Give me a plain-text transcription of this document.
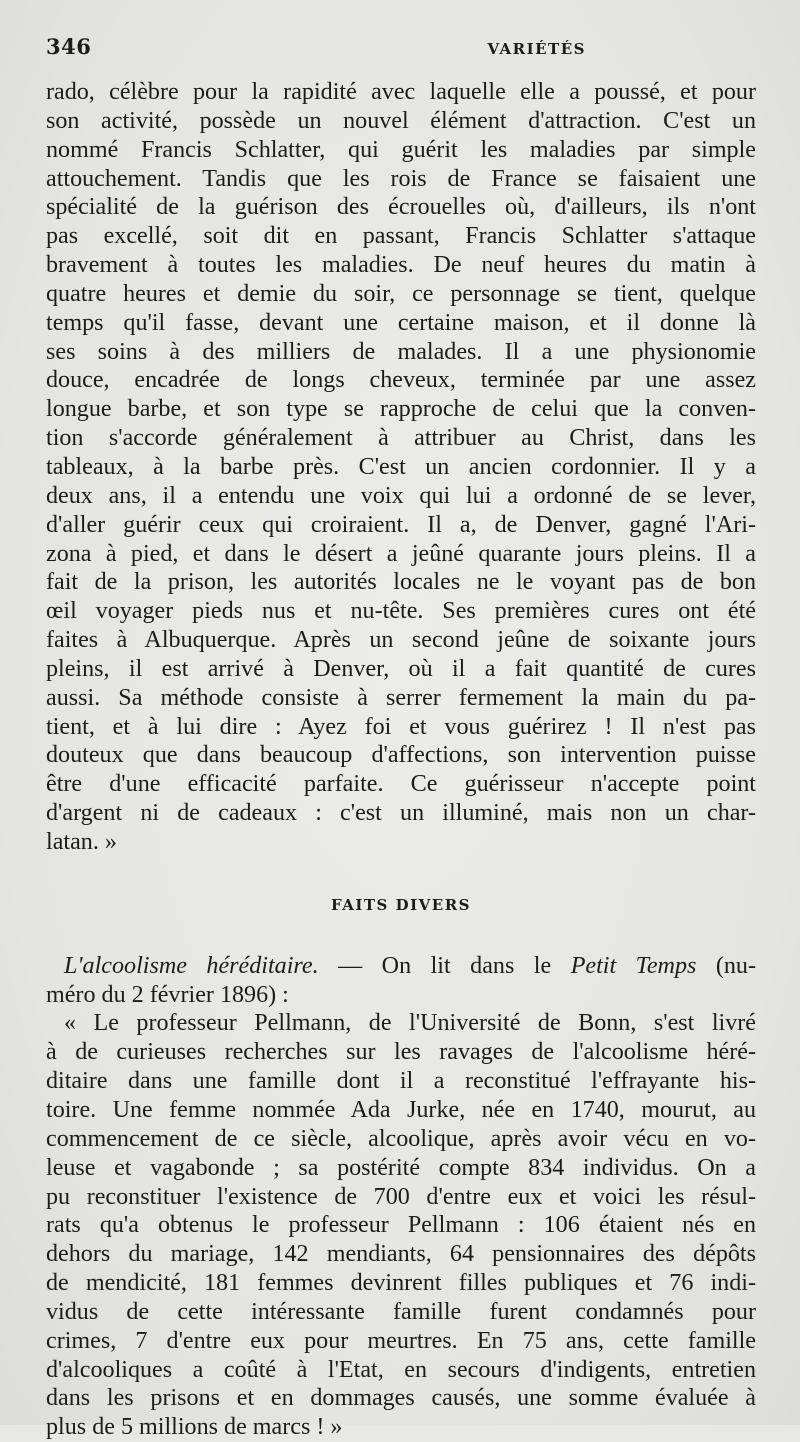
346	VARIÉTÉS
rado, célèbre pour la rapidité avec laquelle elle a poussé, et pour
son activité, possède un nouvel élément d'attraction. C'est un
nommé Francis Schlatter, qui guérit les maladies par simple
attouchement. Tandis que les rois de France se faisaient une
spécialité de la guérison des écrouelles où, d'ailleurs, ils n'ont
pas excellé, soit dit en passant, Francis Schlatter s'attaque
bravement à toutes les maladies. De neuf heures du matin à
quatre heures et demie du soir, ce personnage se tient, quelque
temps qu'il fasse, devant une certaine maison, et il donne là
ses soins à des milliers de malades. Il a une physionomie
douce, encadrée de longs cheveux, terminée par une assez
longue barbe, et son type se rapproche de celui que la conven-
tion s'accorde généralement à attribuer au Christ, dans les
tableaux, à la barbe près. C'est un ancien cordonnier. Il y a
deux ans, il a entendu une voix qui lui a ordonné de se lever,
d'aller guérir ceux qui croiraient. Il a, de Denver, gagné l'Ari-
zona à pied, et dans le désert a jeûné quarante jours pleins. Il a
fait de la prison, les autorités locales ne le voyant pas de bon
œil voyager pieds nus et nu-tête. Ses premières cures ont été
faites à Albuquerque. Après un second jeûne de soixante jours
pleins, il est arrivé à Denver, où il a fait quantité de cures
aussi. Sa méthode consiste à serrer fermement la main du pa-
tient, et à lui dire : Ayez foi et vous guérirez ! Il n'est pas
douteux que dans beaucoup d'affections, son intervention puisse
être d'une efficacité parfaite. Ce guérisseur n'accepte point
d'argent ni de cadeaux : c'est un illuminé, mais non un char-
latan. »
FAITS DIVERS
L'alcoolisme héréditaire. — On lit dans le Petit Temps (nu-
méro du 2 février 1896) :
« Le professeur Pellmann, de l'Université de Bonn, s'est livré
à de curieuses recherches sur les ravages de l'alcoolisme héré-
ditaire dans une famille dont il a reconstitué l'effrayante his-
toire. Une femme nommée Ada Jurke, née en 1740, mourut, au
commencement de ce siècle, alcoolique, après avoir vécu en vo-
leuse et vagabonde ; sa postérité compte 834 individus. On a
pu reconstituer l'existence de 700 d'entre eux et voici les résul-
rats qu'a obtenus le professeur Pellmann : 106 étaient nés en
dehors du mariage, 142 mendiants, 64 pensionnaires des dépôts
de mendicité, 181 femmes devinrent filles publiques et 76 indi-
vidus de cette intéressante famille furent condamnés pour
crimes, 7 d'entre eux pour meurtres. En 75 ans, cette famille
d'alcooliques a coûté à l'Etat, en secours d'indigents, entretien
dans les prisons et en dommages causés, une somme évaluée à
plus de 5 millions de marcs ! »
